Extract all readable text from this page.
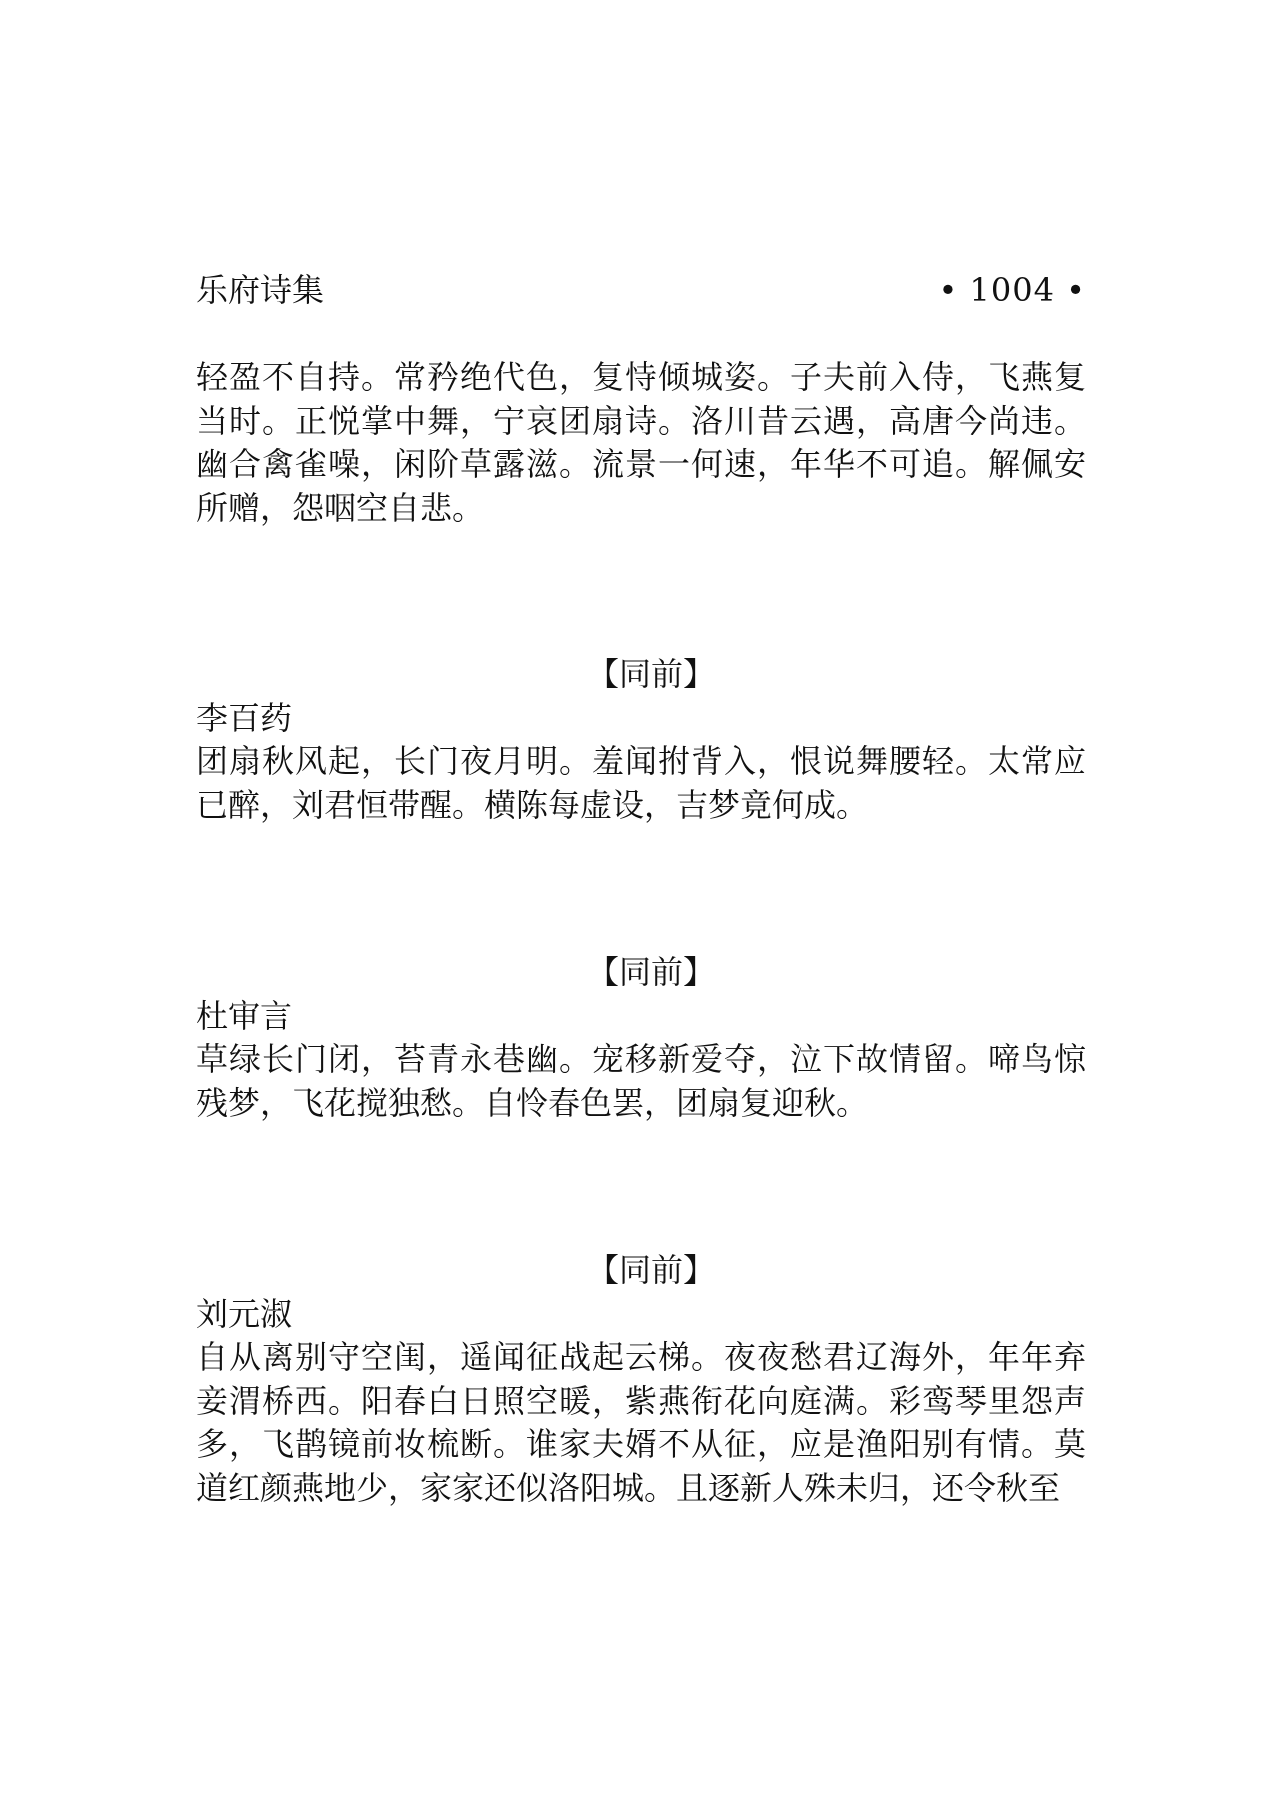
乐府诗集	• 1004 •
轻盈不自持。常矜绝代色，复恃倾城姿。子夫前入侍，飞燕复当时。正悦掌中舞，宁哀团扇诗。洛川昔云遇，高唐今尚违。幽合禽雀噪，闲阶草露滋。流景一何速，年华不可追。解佩安所赠，怨咽空自悲。
【同前】
李百药
团扇秋风起，长门夜月明。羞闻拊背入，恨说舞腰轻。太常应已醉，刘君恒带醒。横陈每虚设，吉梦竟何成。
【同前】
杜审言
草绿长门闭，苔青永巷幽。宠移新爱夺，泣下故情留。啼鸟惊残梦，飞花搅独愁。自怜春色罢，团扇复迎秋。
【同前】
刘元淑
自从离别守空闺，遥闻征战起云梯。夜夜愁君辽海外，年年弃妾渭桥西。阳春白日照空暖，紫燕衔花向庭满。彩鸾琴里怨声多，飞鹊镜前妆梳断。谁家夫婿不从征，应是渔阳别有情。莫道红颜燕地少，家家还似洛阳城。且逐新人殊未归，还令秋至
